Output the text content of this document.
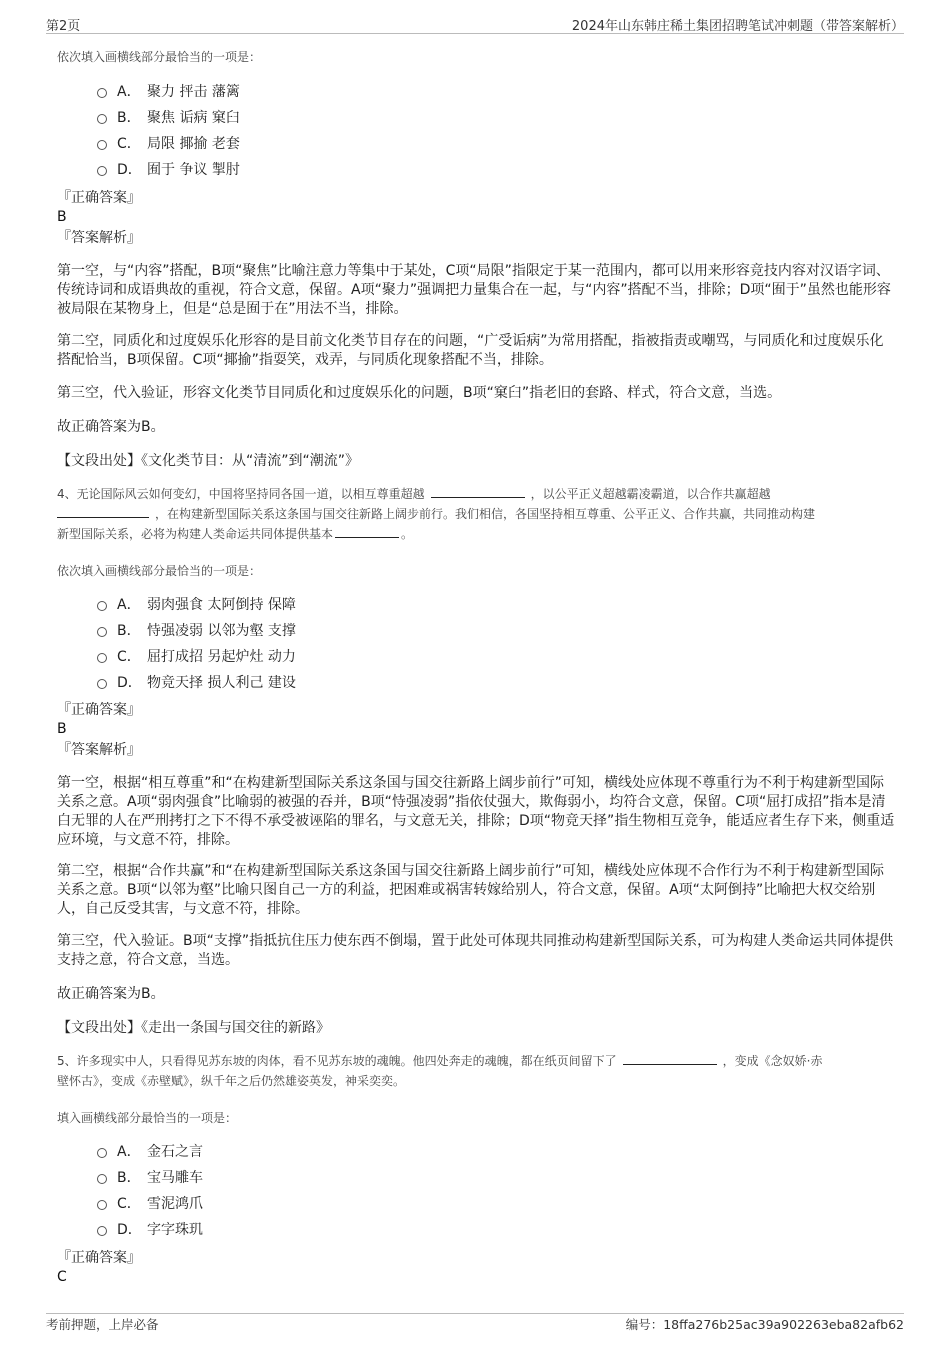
第2页	2024年山东韩庄稀土集团招聘笔试冲刺题（带答案解析）
依次填入画横线部分最恰当的一项是：
A． 聚力 抨击 藩篱
B． 聚焦 诟病 窠臼
C． 局限 揶揄 老套
D． 囿于 争议 掣肘
『正确答案』
B
『答案解析』
第一空，与“内容”搭配，B项“聚焦”比喻注意力等集中于某处，C项“局限”指限定于某一范围内，都可以用来形容竞技内容对汉语字词、传统诗词和成语典故的重视，符合文意，保留。A项“聚力”强调把力量集合在一起，与“内容”搭配不当，排除；D项“囿于”虽然也能形容被局限在某物身上，但是“总是囿于在”用法不当，排除。
第二空，同质化和过度娱乐化形容的是目前文化类节目存在的问题，“广受诟病”为常用搭配，指被指责或嘲骂，与同质化和过度娱乐化搭配恰当，B项保留。C项“揶揄”指耍笑，戏弄，与同质化现象搭配不当，排除。
第三空，代入验证，形容文化类节目同质化和过度娱乐化的问题，B项“窠臼”指老旧的套路、样式，符合文意，当选。
故正确答案为B。
【文段出处】《文化类节目：从“清流”到“潮流”》
4、无论国际风云如何变幻，中国将坚持同各国一道，以相互尊重超越	，以公平正义超越霸凌霸道，以合作共赢超越
，在构建新型国际关系这条国与国交往新路上阔步前行。我们相信，各国坚持相互尊重、公平正义、合作共赢，共同推动构建
新型国际关系，必将为构建人类命运共同体提供基本	。
依次填入画横线部分最恰当的一项是：
A． 弱肉强食 太阿倒持 保障
B． 恃强凌弱 以邻为壑 支撑
C． 屈打成招 另起炉灶 动力
D． 物竞天择 损人利己 建设
『正确答案』
B
『答案解析』
第一空，根据“相互尊重”和“在构建新型国际关系这条国与国交往新路上阔步前行”可知，横线处应体现不尊重行为不利于构建新型国际关系之意。A项“弱肉强食”比喻弱的被强的吞并，B项“恃强凌弱”指依仗强大，欺侮弱小，均符合文意，保留。C项“屈打成招”指本是清白无罪的人在严刑拷打之下不得不承受被诬陷的罪名，与文意无关，排除；D项“物竞天择”指生物相互竞争，能适应者生存下来，侧重适应环境，与文意不符，排除。
第二空，根据“合作共赢”和“在构建新型国际关系这条国与国交往新路上阔步前行”可知，横线处应体现不合作行为不利于构建新型国际关系之意。B项“以邻为壑”比喻只图自己一方的利益，把困难或祸害转嫁给别人，符合文意，保留。A项“太阿倒持”比喻把大权交给别人，自己反受其害，与文意不符，排除。
第三空，代入验证。B项“支撑”指抵抗住压力使东西不倒塌，置于此处可体现共同推动构建新型国际关系，可为构建人类命运共同体提供支持之意，符合文意，当选。
故正确答案为B。
【文段出处】《走出一条国与国交往的新路》
5、许多现实中人，只看得见苏东坡的肉体，看不见苏东坡的魂魄。他四处奔走的魂魄，都在纸页间留下了	，变成《念奴娇·赤
壁怀古》，变成《赤壁赋》，纵千年之后仍然雄姿英发，神采奕奕。
填入画横线部分最恰当的一项是：
A． 金石之言
B． 宝马雕车
C． 雪泥鸿爪
D． 字字珠玑
『正确答案』
C
考前押题，上岸必备	编号：18ffa276b25ac39a902263eba82afb62
